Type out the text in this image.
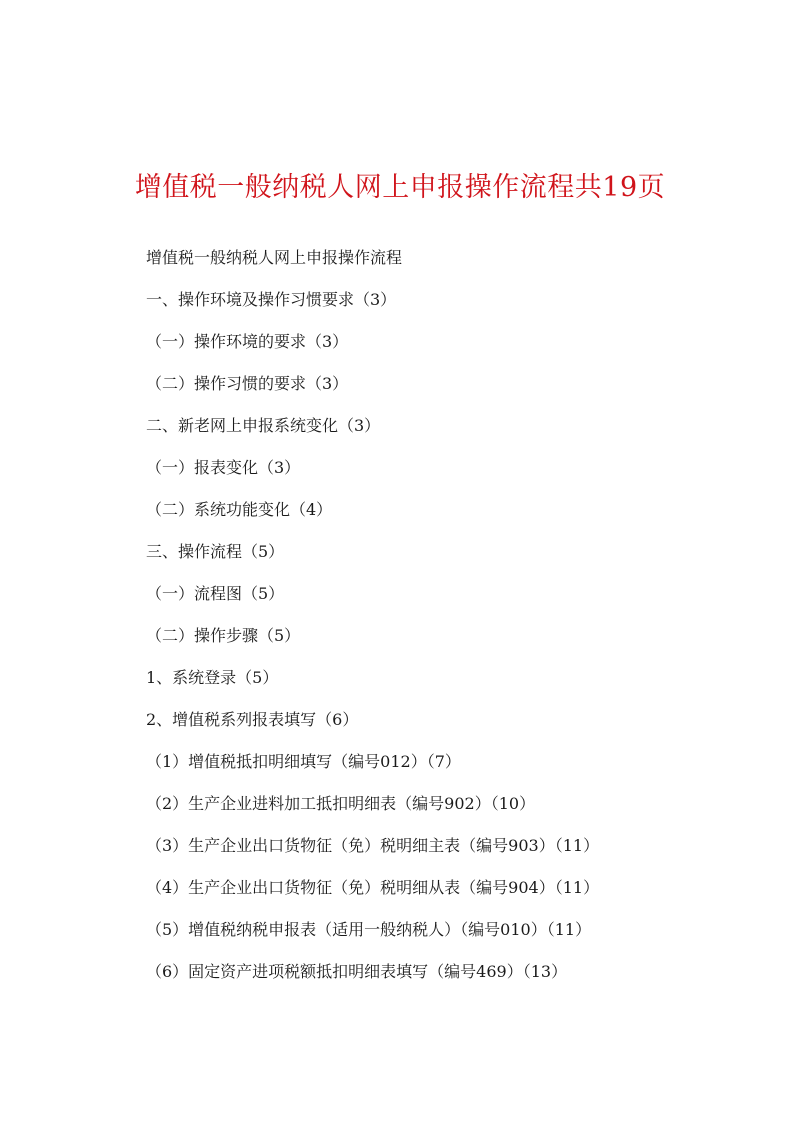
增值税一般纳税人网上申报操作流程共19页
增值税一般纳税人网上申报操作流程
一、操作环境及操作习惯要求（3）
（一）操作环境的要求（3）
（二）操作习惯的要求（3）
二、新老网上申报系统变化（3）
（一）报表变化（3）
（二）系统功能变化（4）
三、操作流程（5）
（一）流程图（5）
（二）操作步骤（5）
1、系统登录（5）
2、增值税系列报表填写（6）
（1）增值税抵扣明细填写（编号012）（7）
（2）生产企业进料加工抵扣明细表（编号902）（10）
（3）生产企业出口货物征（免）税明细主表（编号903）（11）
（4）生产企业出口货物征（免）税明细从表（编号904）（11）
（5）增值税纳税申报表（适用一般纳税人）（编号010）（11）
（6）固定资产进项税额抵扣明细表填写（编号469）（13）
